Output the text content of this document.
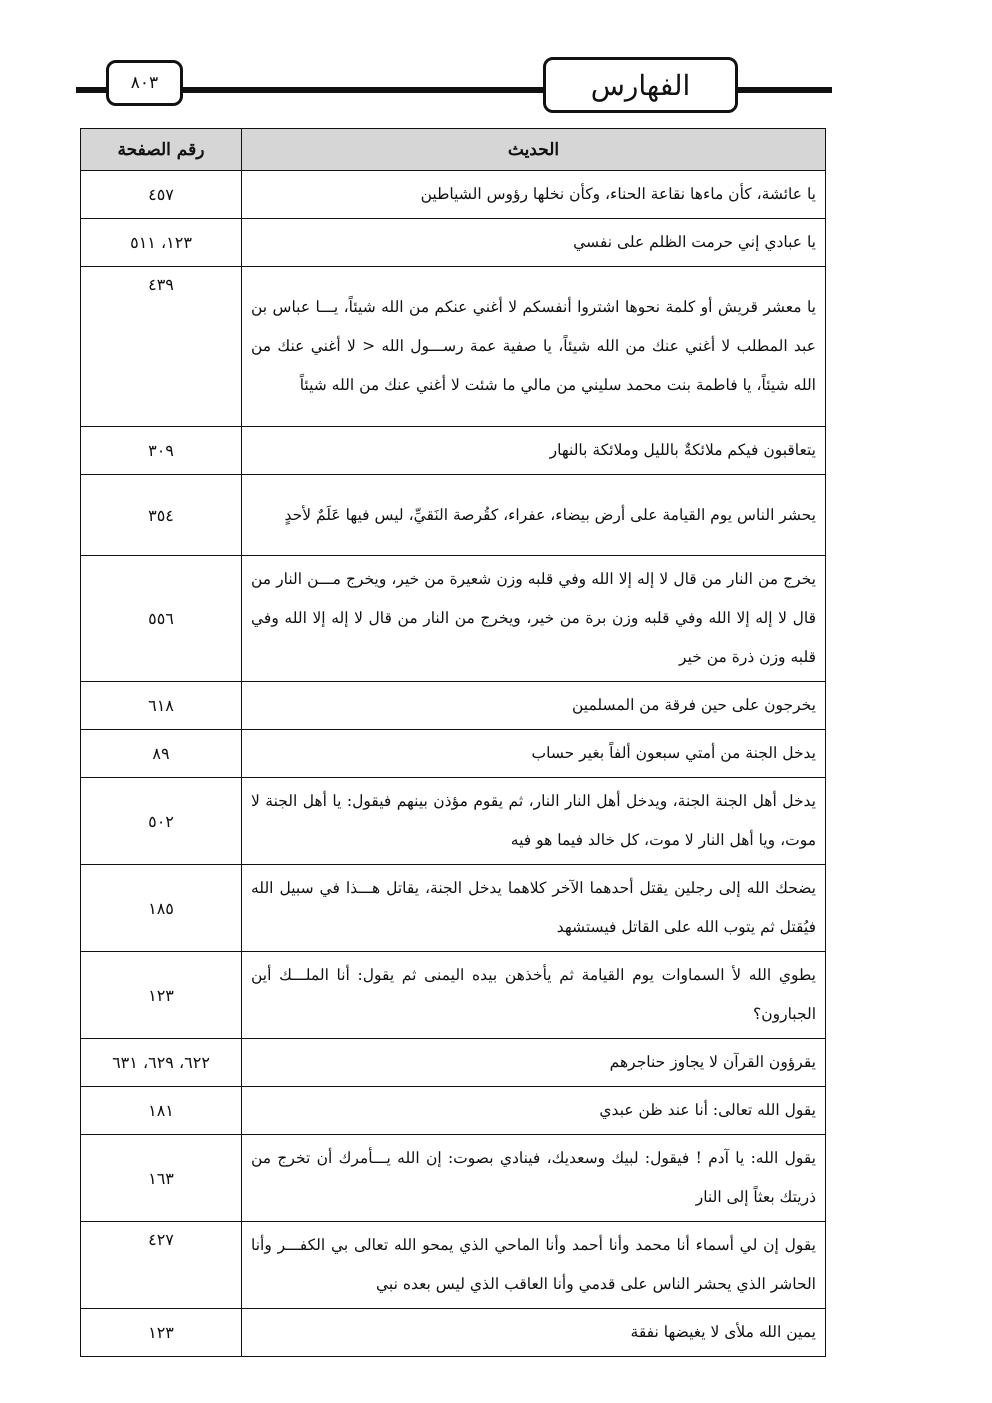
٨٠٣	الفهارس
الحديث	رقم الصفحة
يا عائشة، كأن ماءها نقاعة الحناء، وكأن نخلها رؤوس الشياطين	٤٥٧
يا عبادي إني حرمت الظلم على نفسي	١٢٣، ٥١١
يا معشر قريش أو كلمة نحوها اشتروا أنفسكم لا أغني عنكم من الله شيئاً، يـــا عباس بن عبد المطلب لا أغني عنك من الله شيئاً، يا صفية عمة رســـول الله < لا أغني عنك من الله شيئاً، يا فاطمة بنت محمد سليني من مالي ما شئت لا أغني عنك من الله شيئاً	٤٣٩
يتعاقبون فيكم ملائكةٌ بالليل وملائكة بالنهار	٣٠٩
يحشر الناس يوم القيامة على أرض بيضاء، عفراء، كقُرصة النَقيِّ، ليس فيها عَلَمٌ لأحدٍ	٣٥٤
يخرج من النار من قال لا إله إلا الله وفي قلبه وزن شعيرة من خير، ويخرج مـــن النار من قال لا إله إلا الله وفي قلبه وزن برة من خير، ويخرج من النار من قال لا إله إلا الله وفي قلبه وزن ذرة من خير	٥٥٦
يخرجون على حين فرقة من المسلمين	٦١٨
يدخل الجنة من أمتي سبعون ألفاً بغير حساب	٨٩
يدخل أهل الجنة الجنة، ويدخل أهل النار النار، ثم يقوم مؤذن بينهم فيقول: يا أهل الجنة لا موت، ويا أهل النار لا موت، كل خالد فيما هو فيه	٥٠٢
يضحك الله إلى رجلين يقتل أحدهما الآخر كلاهما يدخل الجنة، يقاتل هـــذا في سبيل الله فيُقتل ثم يتوب الله على القاتل فيستشهد	١٨٥
يطوي الله لأ السماوات يوم القيامة ثم يأخذهن بيده اليمنى ثم يقول: أنا الملـــك أين الجبارون؟	١٢٣
يقرؤون القرآن لا يجاوز حناجرهم	٦٢٢، ٦٢٩، ٦٣١
يقول الله تعالى: أنا عند ظن عبدي	١٨١
يقول الله: يا آدم ! فيقول: لبيك وسعديك، فينادي بصوت: إن الله يـــأمرك أن تخرج من ذريتك بعثاً إلى النار	١٦٣
يقول إن لي أسماء أنا محمد وأنا أحمد وأنا الماحي الذي يمحو الله تعالى بي الكفـــر وأنا الحاشر الذي يحشر الناس على قدمي وأنا العاقب الذي ليس بعده نبي	٤٢٧
يمين الله ملأى لا يغيضها نفقة	١٢٣
